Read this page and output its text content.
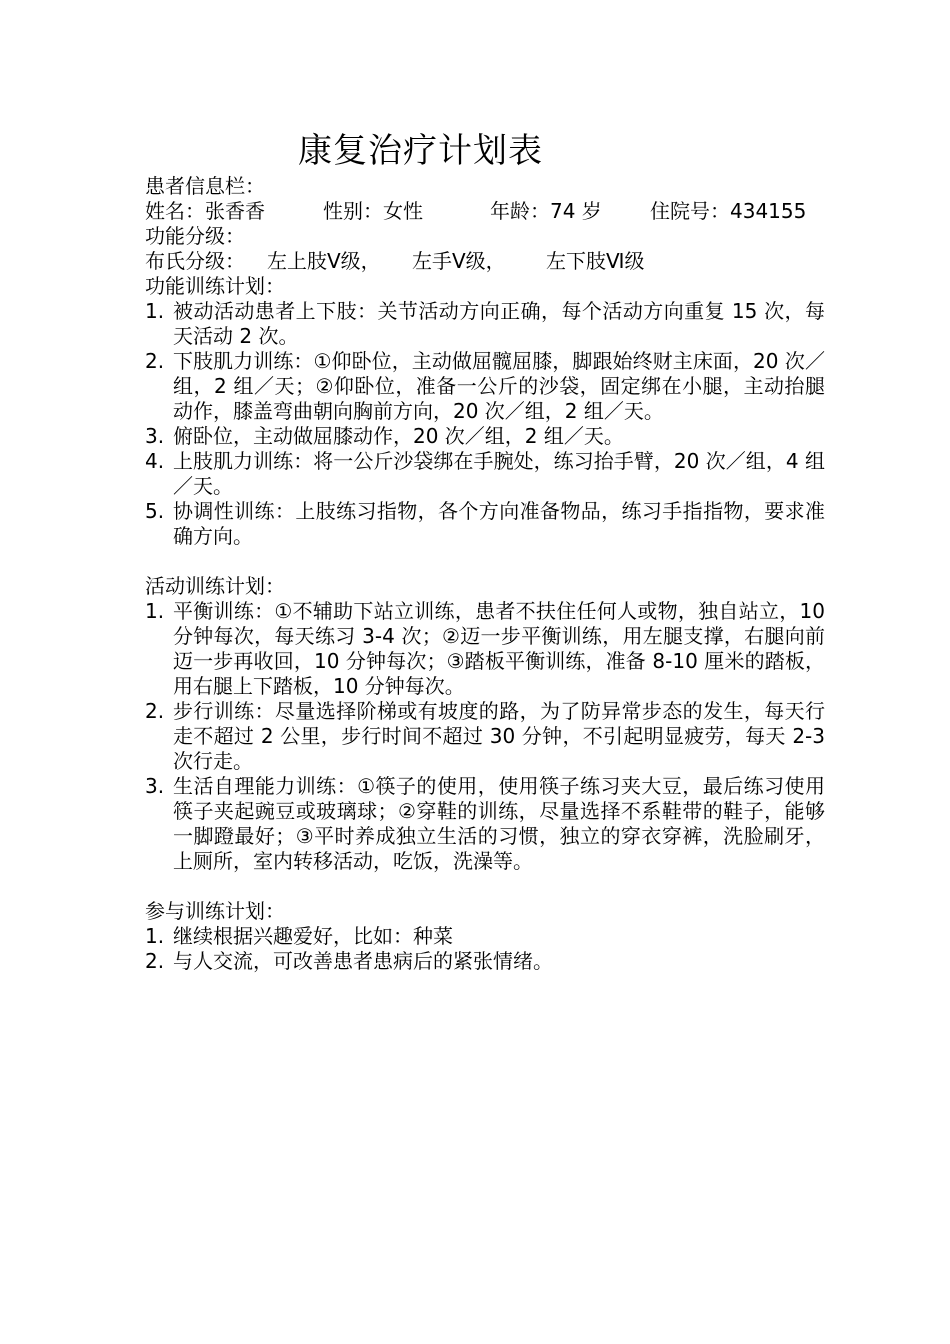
康复治疗计划表
患者信息栏：
姓名：张香香	性别：女性	年龄：74 岁 住院号：434155
功能分级：
布氏分级： 左上肢Ⅴ级， 左手Ⅴ级， 左下肢Ⅵ级
功能训练计划：
1. 被动活动患者上下肢：关节活动方向正确，每个活动方向重复 15 次，每天活动 2 次。
2. 下肢肌力训练：①仰卧位，主动做屈髋屈膝，脚跟始终财主床面，20 次／组，2 组／天；②仰卧位，准备一公斤的沙袋，固定绑在小腿，主动抬腿动作，膝盖弯曲朝向胸前方向，20 次／组，2 组／天。
3. 俯卧位，主动做屈膝动作，20 次／组，2 组／天。
4. 上肢肌力训练：将一公斤沙袋绑在手腕处，练习抬手臂，20 次／组，4 组／天。
5. 协调性训练：上肢练习指物，各个方向准备物品，练习手指指物，要求准确方向。
活动训练计划：
1. 平衡训练：①不辅助下站立训练，患者不扶住任何人或物，独自站立，10 分钟每次，每天练习 3-4 次；②迈一步平衡训练，用左腿支撑，右腿向前迈一步再收回，10 分钟每次；③踏板平衡训练，准备 8-10 厘米的踏板，用右腿上下踏板，10 分钟每次。
2. 步行训练：尽量选择阶梯或有坡度的路，为了防异常步态的发生，每天行走不超过 2 公里，步行时间不超过 30 分钟，不引起明显疲劳，每天 2-3 次行走。
3. 生活自理能力训练：①筷子的使用，使用筷子练习夹大豆，最后练习使用筷子夹起豌豆或玻璃球；②穿鞋的训练，尽量选择不系鞋带的鞋子，能够一脚蹬最好；③平时养成独立生活的习惯，独立的穿衣穿裤，洗脸刷牙，上厕所，室内转移活动，吃饭，洗澡等。
参与训练计划：
1. 继续根据兴趣爱好，比如：种菜
2. 与人交流，可改善患者患病后的紧张情绪。
